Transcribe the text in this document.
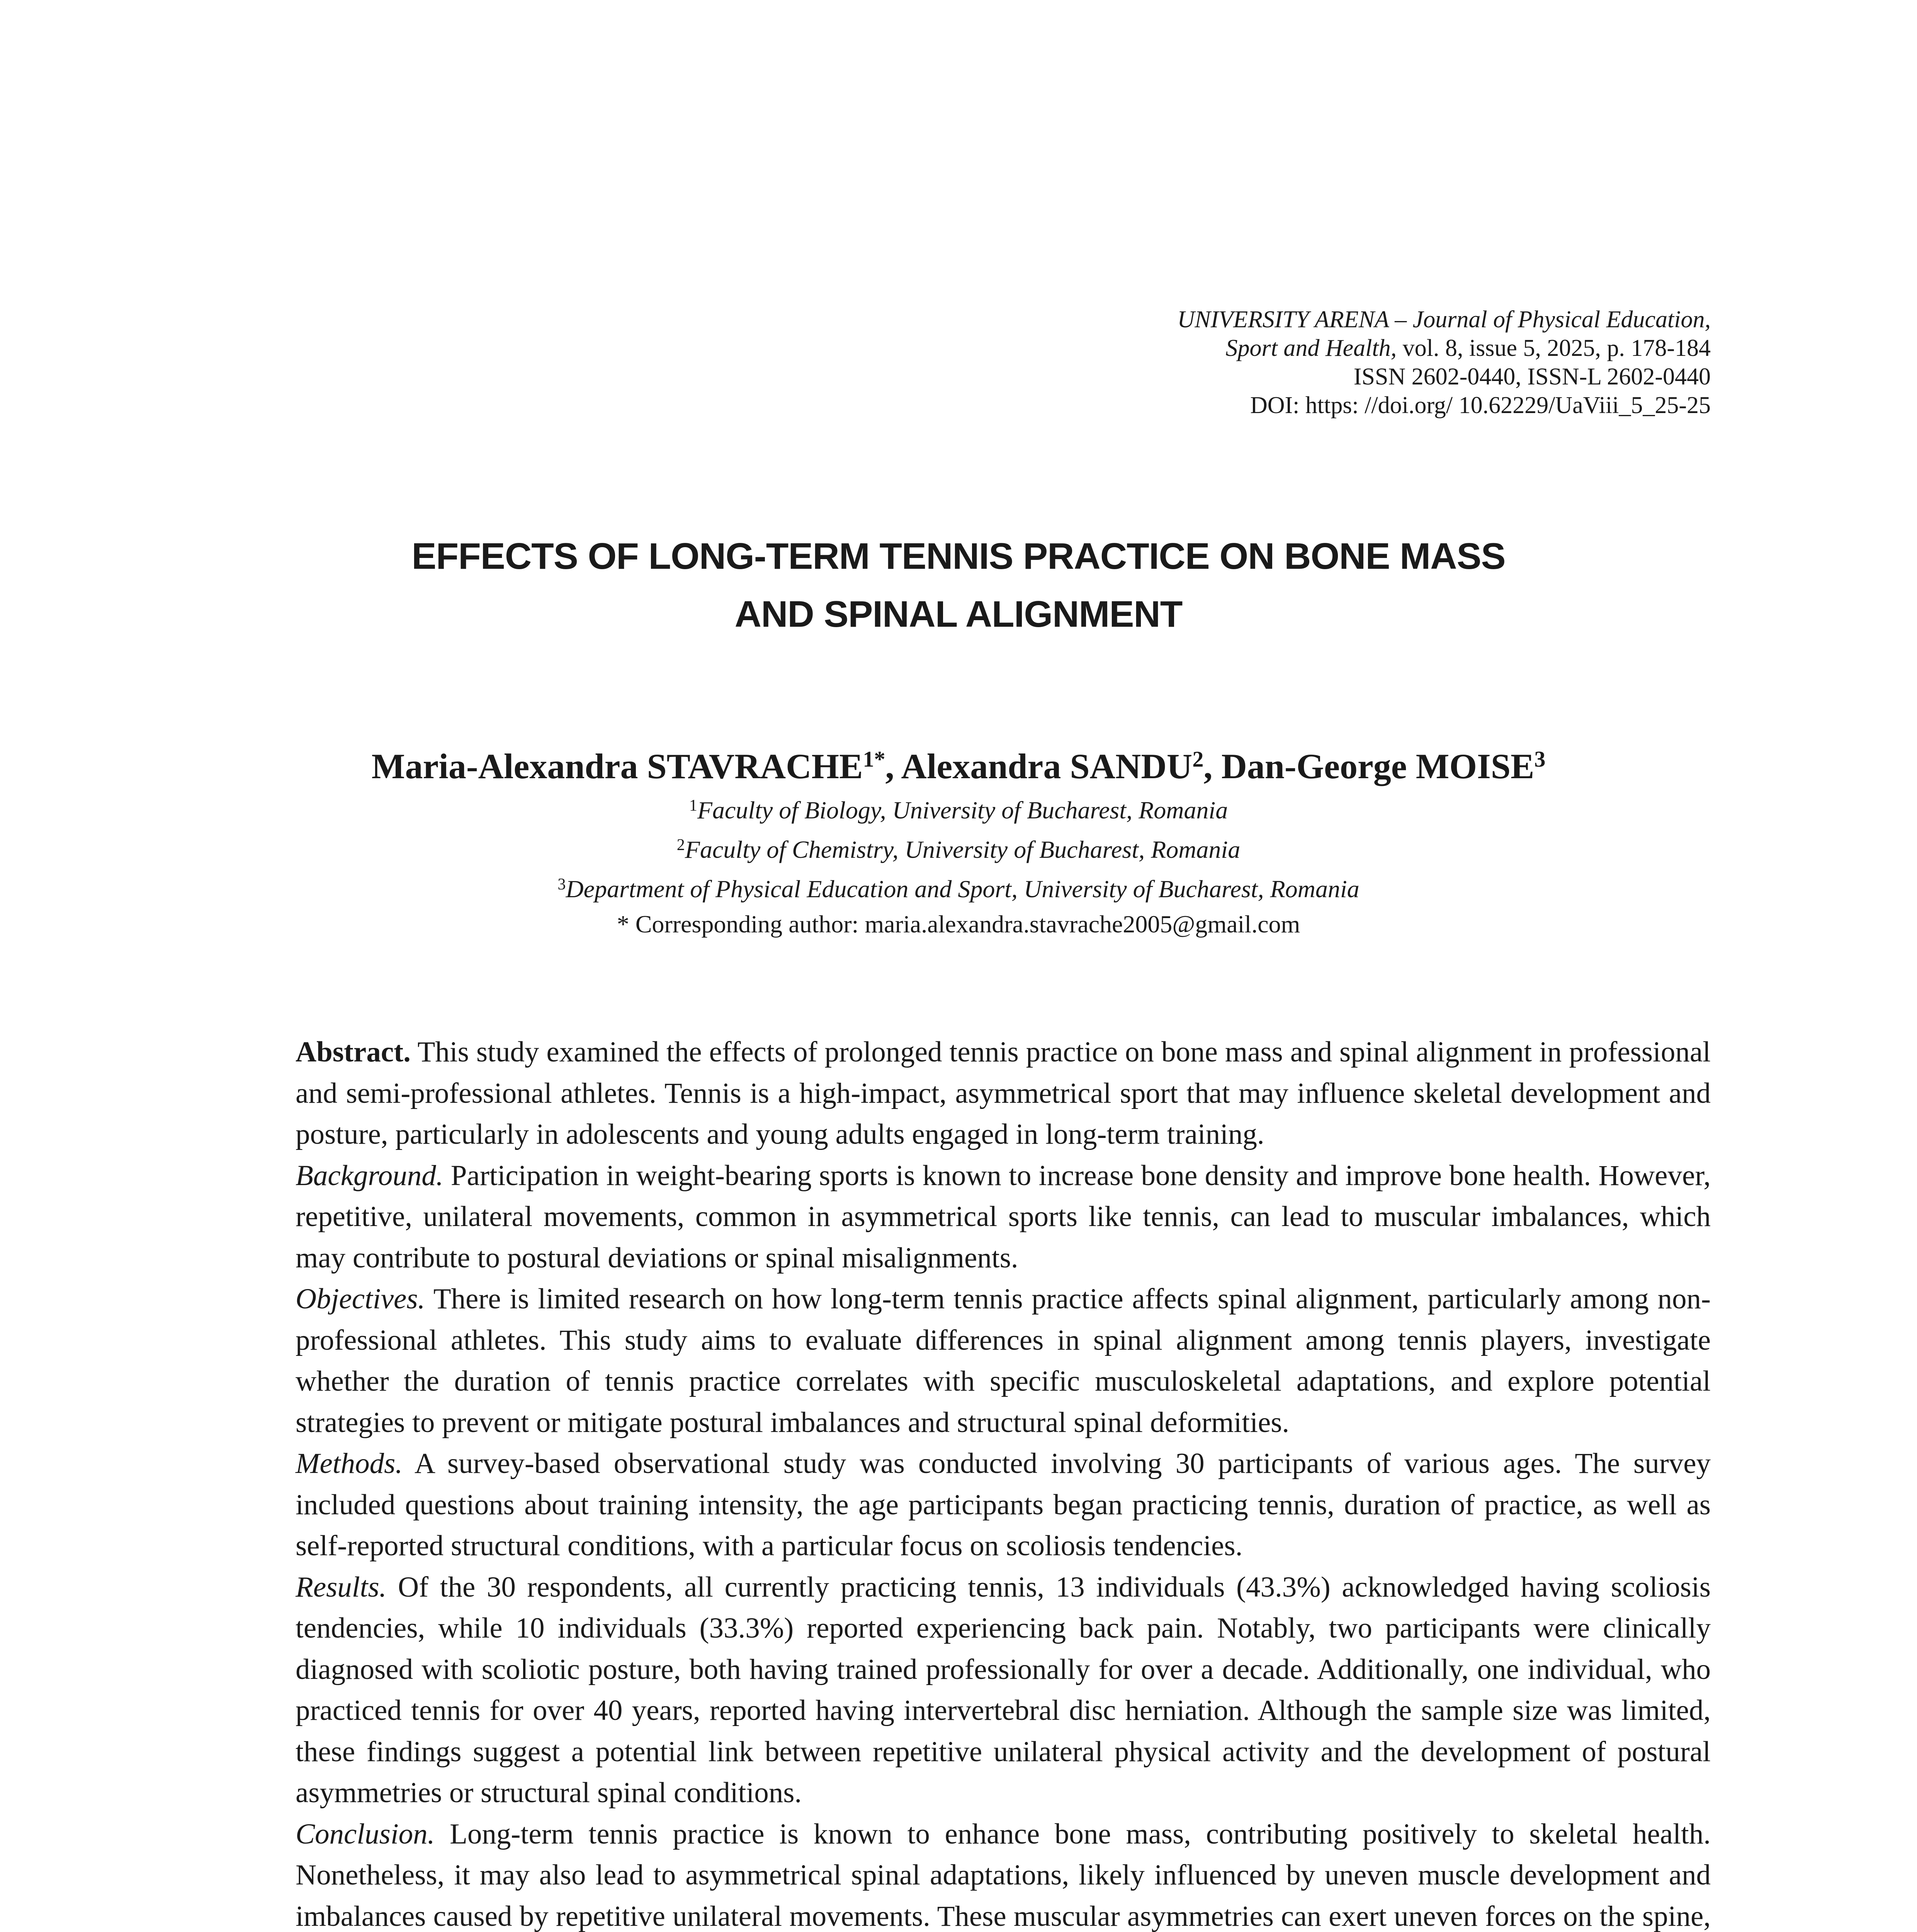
UNIVERSITY ARENA – Journal of Physical Education,
Sport and Health, vol. 8, issue 5, 2025, p. 178-184
ISSN 2602-0440, ISSN-L 2602-0440
DOI: https: //doi.org/ 10.62229/UaViii_5_25-25
EFFECTS OF LONG-TERM TENNIS PRACTICE ON BONE MASS
AND SPINAL ALIGNMENT
Maria-Alexandra $STAVRACHE^{1*}$, Alexandra SANDU$^2$, Dan-George MOISE$^3$
$^1$Faculty of Biology, University of Bucharest, Romania
$^2$Faculty of Chemistry, University of Bucharest, Romania
$^3$Department of Physical Education and Sport, University of Bucharest, Romania
* Corresponding author: maria.alexandra.stavrache2005@gmail.com

Abstract. This study examined the effects of prolonged tennis practice on bone mass and spinal alignment in professional and semi-professional athletes. Tennis is a high-impact, asymmetrical sport that may influence skeletal development and posture, particularly in adolescents and young adults engaged in long-term training.

Background. Participation in weight-bearing sports is known to increase bone density and improve bone health. However, repetitive, unilateral movements, common in asymmetrical sports like tennis, can lead to muscular imbalances, which may contribute to postural deviations or spinal misalignments.

Objectives. There is limited research on how long-term tennis practice affects spinal alignment, particularly among non-professional athletes. This study aims to evaluate differences in spinal alignment among tennis players, investigate whether the duration of tennis practice correlates with specific musculoskeletal adaptations, and explore potential strategies to prevent or mitigate postural imbalances and structural spinal deformities.

Methods. A survey-based observational study was conducted involving 30 participants of various ages. The survey included questions about training intensity, the age participants began practicing tennis, duration of practice, as well as self-reported structural conditions, with a particular focus on scoliosis tendencies.

Results. Of the 30 respondents, all currently practicing tennis, 13 individuals (43.3%) acknowledged having scoliosis tendencies, while 10 individuals (33.3%) reported experiencing back pain. Notably, two participants were clinically diagnosed with scoliotic posture, both having trained professionally for over a decade. Additionally, one individual, who practiced tennis for over 40 years, reported having intervertebral disc herniation. Although the sample size was limited, these findings suggest a potential link between repetitive unilateral physical activity and the development of postural asymmetries or structural spinal conditions.

Conclusion. Long-term tennis practice is known to enhance bone mass, contributing positively to skeletal health. Nonetheless, it may also lead to asymmetrical spinal adaptations, likely influenced by uneven muscle development and imbalances caused by repetitive unilateral movements. These muscular asymmetries can exert uneven forces on the spine,
